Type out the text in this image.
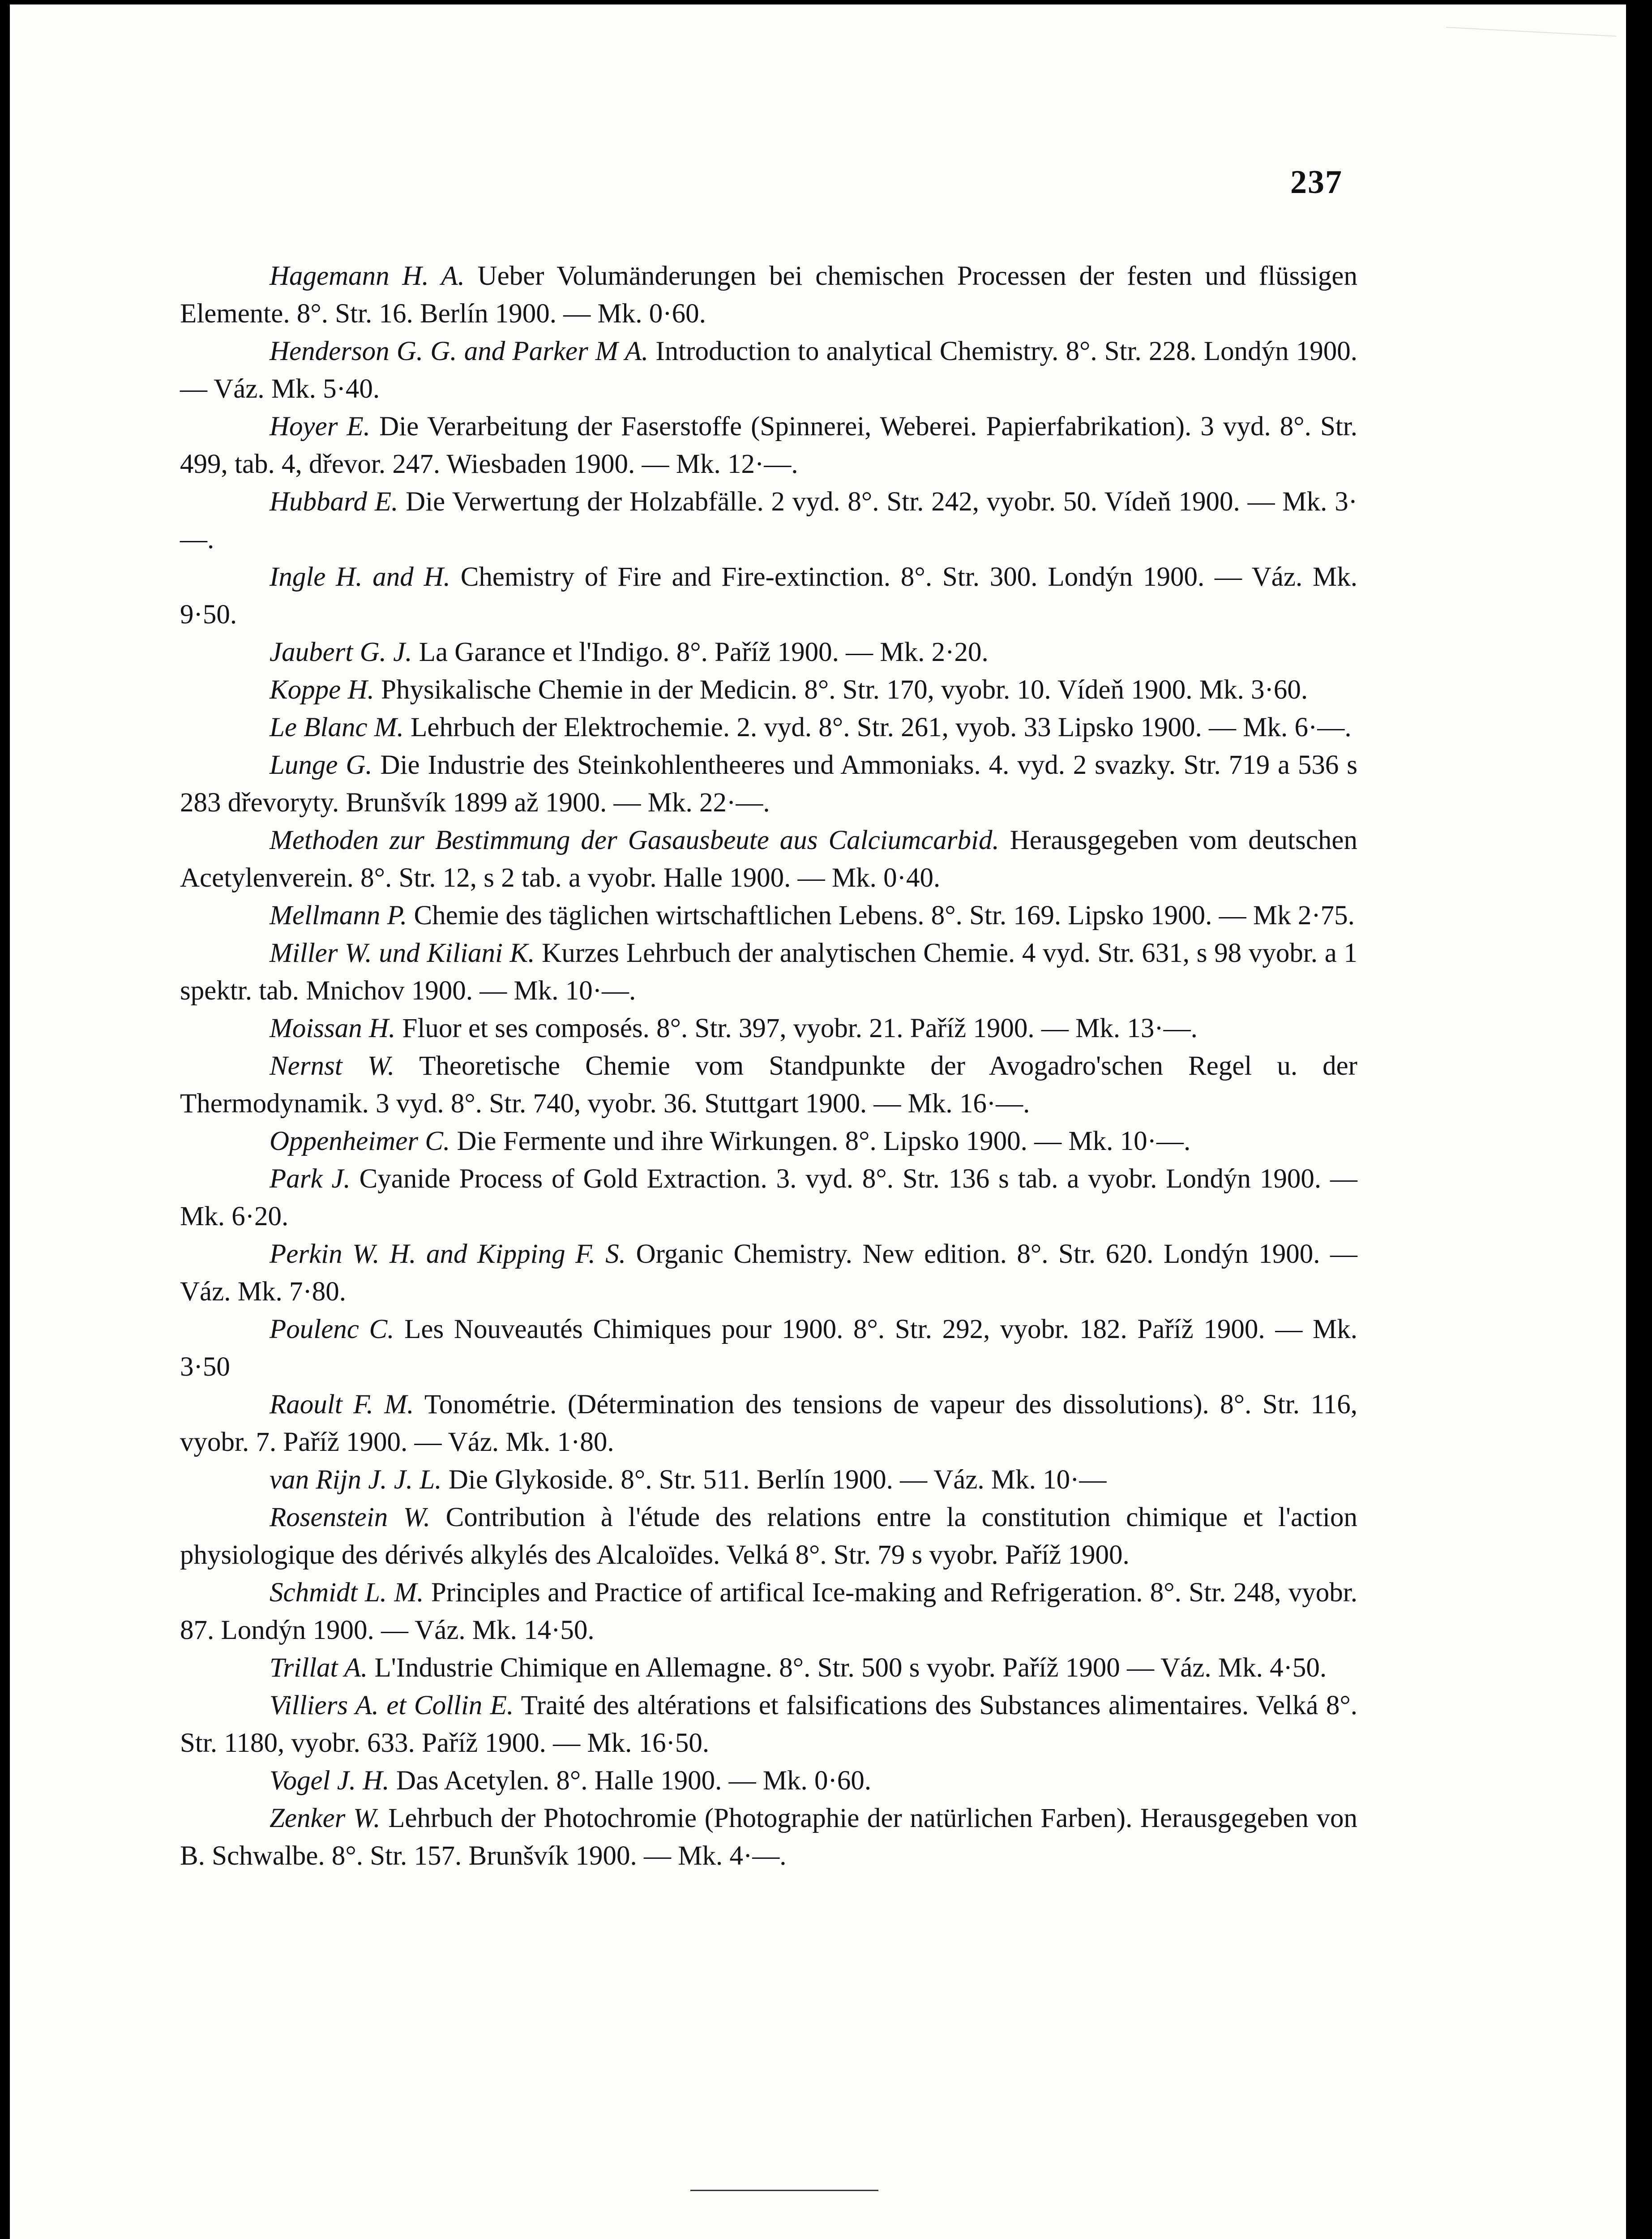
237

Hagemann H. A. Ueber Volumänderungen bei chemischen Processen der festen und flüssigen Elemente. 8°. Str. 16. Berlín 1900. — Mk. 0·60.

Henderson G. G. and Parker M A. Introduction to analytical Chemistry. 8°. Str. 228. Londýn 1900. — Váz. Mk. 5·40.

Hoyer E. Die Verarbeitung der Faserstoffe (Spinnerei, Weberei. Papierfabrikation). 3 vyd. 8°. Str. 499, tab. 4, dřevor. 247. Wiesbaden 1900. — Mk. 12·—.

Hubbard E. Die Verwertung der Holzabfälle. 2 vyd. 8°. Str. 242, vyobr. 50. Vídeň 1900. — Mk. 3·—.

Ingle H. and H. Chemistry of Fire and Fire-extinction. 8°. Str. 300. Londýn 1900. — Váz. Mk. 9·50.

Jaubert G. J. La Garance et l'Indigo. 8°. Paříž 1900. — Mk. 2·20.

Koppe H. Physikalische Chemie in der Medicin. 8°. Str. 170, vyobr. 10. Vídeň 1900. Mk. 3·60.

Le Blanc M. Lehrbuch der Elektrochemie. 2. vyd. 8°. Str. 261, vyob. 33 Lipsko 1900. — Mk. 6·—.

Lunge G. Die Industrie des Steinkohlentheeres und Ammoniaks. 4. vyd. 2 svazky. Str. 719 a 536 s 283 dřevoryty. Brunšvík 1899 až 1900. — Mk. 22·—.

Methoden zur Bestimmung der Gasausbeute aus Calciumcarbid. Herausgegeben vom deutschen Acetylenverein. 8°. Str. 12, s 2 tab. a vyobr. Halle 1900. — Mk. 0·40.

Mellmann P. Chemie des täglichen wirtschaftlichen Lebens. 8°. Str. 169. Lipsko 1900. — Mk 2·75.

Miller W. und Kiliani K. Kurzes Lehrbuch der analytischen Chemie. 4 vyd. Str. 631, s 98 vyobr. a 1 spektr. tab. Mnichov 1900. — Mk. 10·—.

Moissan H. Fluor et ses composés. 8°. Str. 397, vyobr. 21. Paříž 1900. — Mk. 13·—.

Nernst W. Theoretische Chemie vom Standpunkte der Avogadro'schen Regel u. der Thermodynamik. 3 vyd. 8°. Str. 740, vyobr. 36. Stuttgart 1900. — Mk. 16·—.

Oppenheimer C. Die Fermente und ihre Wirkungen. 8°. Lipsko 1900. — Mk. 10·—.

Park J. Cyanide Process of Gold Extraction. 3. vyd. 8°. Str. 136 s tab. a vyobr. Londýn 1900. — Mk. 6·20.

Perkin W. H. and Kipping F. S. Organic Chemistry. New edition. 8°. Str. 620. Londýn 1900. — Váz. Mk. 7·80.

Poulenc C. Les Nouveautés Chimiques pour 1900. 8°. Str. 292, vyobr. 182. Paříž 1900. — Mk. 3·50

Raoult F. M. Tonométrie. (Détermination des tensions de vapeur des dissolutions). 8°. Str. 116, vyobr. 7. Paříž 1900. — Váz. Mk. 1·80.

van Rijn J. J. L. Die Glykoside. 8°. Str. 511. Berlín 1900. — Váz. Mk. 10·—

Rosenstein W. Contribution à l'étude des relations entre la constitution chimique et l'action physiologique des dérivés alkylés des Alcaloïdes. Velká 8°. Str. 79 s vyobr. Paříž 1900.

Schmidt L. M. Principles and Practice of artifical Ice-making and Refrigeration. 8°. Str. 248, vyobr. 87. Londýn 1900. — Váz. Mk. 14·50.

Trillat A. L'Industrie Chimique en Allemagne. 8°. Str. 500 s vyobr. Paříž 1900 — Váz. Mk. 4·50.

Villiers A. et Collin E. Traité des altérations et falsifications des Substances alimentaires. Velká 8°. Str. 1180, vyobr. 633. Paříž 1900. — Mk. 16·50.

Vogel J. H. Das Acetylen. 8°. Halle 1900. — Mk. 0·60.

Zenker W. Lehrbuch der Photochromie (Photographie der natürlichen Farben). Herausgegeben von B. Schwalbe. 8°. Str. 157. Brunšvík 1900. — Mk. 4·—.
